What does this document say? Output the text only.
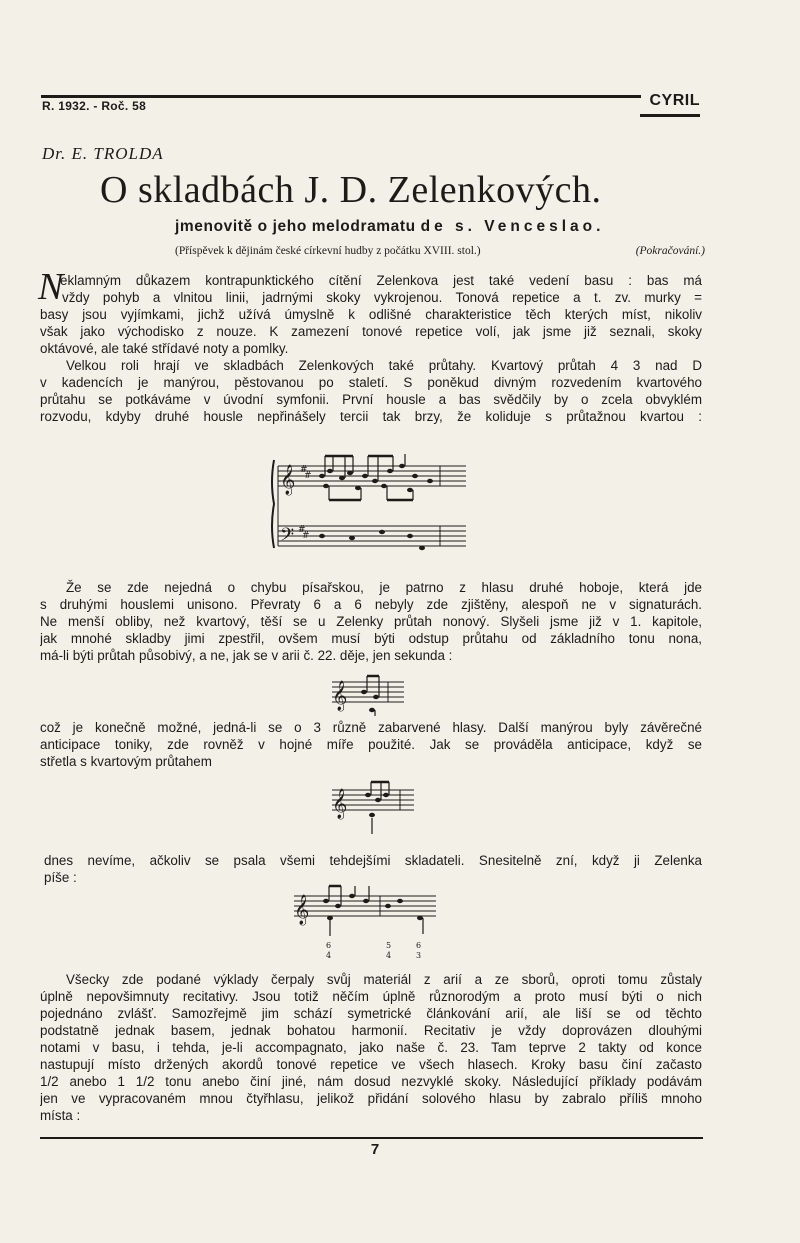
R. 1932. - Roč. 58	CYRIL
Dr. E. TROLDA
O skladbách J. D. Zelenkových.
jmenovitě o jeho melodramatu de s. Venceslao.
(Příspěvek k dějinám české církevní hudby z počátku XVIII. stol.)	(Pokračování.)
N
eklamným důkazem kontrapunktického cítění Zelenkova jest také vedení basu : bas má
vždy pohyb a vlnitou linii, jadrnými skoky vykrojenou. Tonová repetice a t. zv. murky =
basy jsou vyjímkami, jichž užívá úmyslně k odlišné charakteristice těch kterých míst, nikoliv
však jako východisko z nouze. K zamezení tonové repetice volí, jak jsme již seznali, skoky
oktávové, ale také střídavé noty a pomlky.
Velkou roli hrají ve skladbách Zelenkových také průtahy. Kvartový průtah 4 3 nad D
v kadencích je manýrou, pěstovanou po staletí. S poněkud divným rozvedením kvartového
průtahu se potkáváme v úvodní symfonii. První housle a bas svědčily by o zcela obvyklém
rozvodu, kdyby druhé housle nepřinášely tercii tak brzy, že koliduje s průtažnou kvartou :
𝄞
𝄢
#
#
#
#
Že se zde nejedná o chybu písařskou, je patrno z hlasu druhé hoboje, která jde
s druhými houslemi unisono. Převraty 6 a 6 nebyly zde zjištěny, alespoň ne v signaturách.
Ne menší obliby, než kvartový, těší se u Zelenky průtah nonový. Slyšeli jsme již v 1. kapitole,
jak mnohé skladby jimi zpestřil, ovšem musí býti odstup průtahu od základního tonu nona,
má-li býti průtah působivý, a ne, jak se v arii č. 22. děje, jen sekunda :
𝄞
což je konečně možné, jedná-li se o 3 různě zabarvené hlasy. Další manýrou byly závěrečné
anticipace toniky, zde rovněž v hojné míře použité. Jak se prováděla anticipace, když se
střetla s kvartovým průtahem
𝄞
dnes nevíme, ačkoliv se psala všemi tehdejšími skladateli. Snesitelně zní, když ji Zelenka
píše :
𝄞
6
4
5
4
6
3
Všecky zde podané výklady čerpaly svůj materiál z arií a ze sborů, oproti tomu zůstaly
úplně nepovšimnuty recitativy. Jsou totiž něčím úplně různorodým a proto musí býti o nich
pojednáno zvlášť. Samozřejmě jim schází symetrické článkování arií, ale liší se od těchto
podstatně jednak basem, jednak bohatou harmonií. Recitativ je vždy doprovázen dlouhými
notami v basu, i tehda, je-li accompagnato, jako naše č. 23. Tam teprve 2 takty od konce
nastupují místo držených akordů tonové repetice ve všech hlasech. Kroky basu činí začasto
1/2 anebo 1 1/2 tonu anebo činí jiné, nám dosud nezvyklé skoky. Následující příklady podávám
jen ve vypracovaném mnou čtyřhlasu, jelikož přidání solového hlasu by zabralo příliš mnoho
místa :
7
